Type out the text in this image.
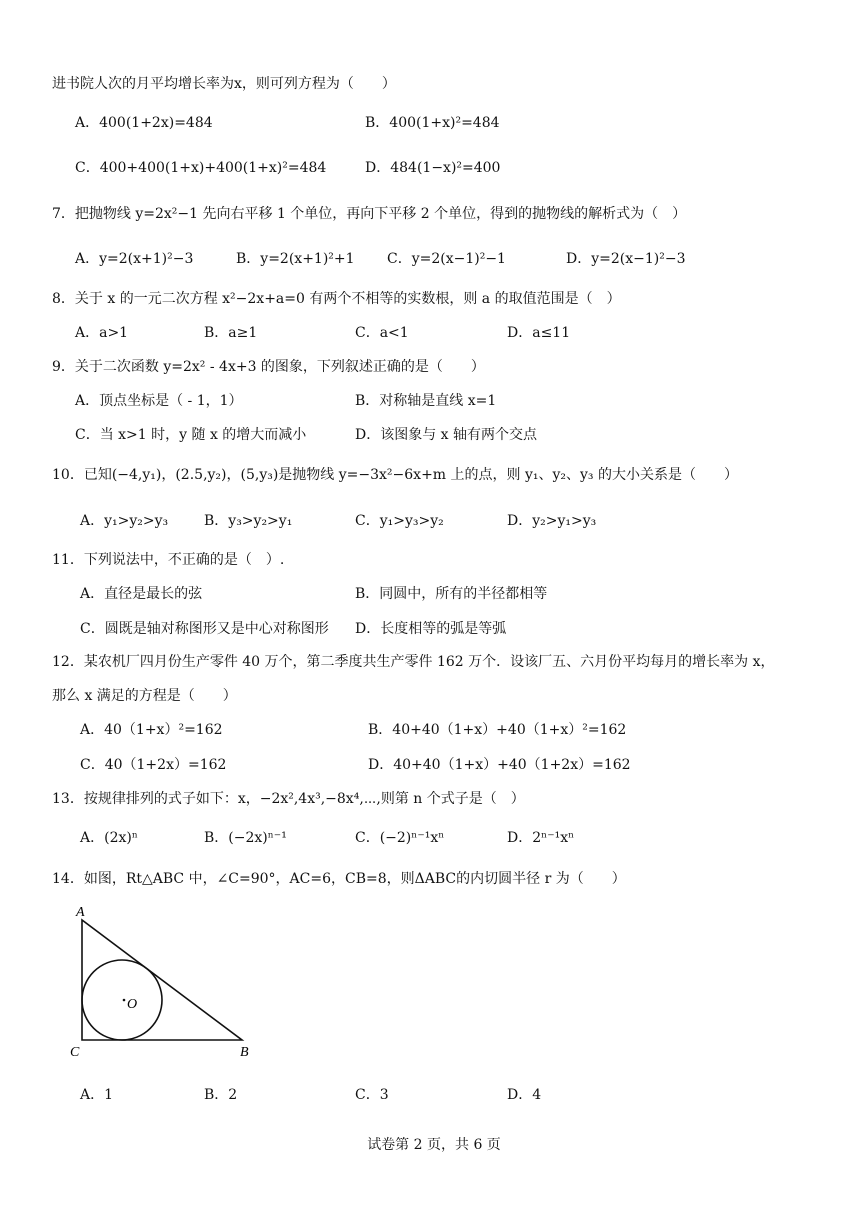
进书院人次的月平均增长率为x，则可列方程为（　　）
A．400(1+2x)=484	B．400(1+x)²=484
C．400+400(1+x)+400(1+x)²=484	D．484(1−x)²=400
7．把抛物线 y=2x²−1 先向右平移 1 个单位，再向下平移 2 个单位，得到的抛物线的解析式为（　）
A．y=2(x+1)²−3	B．y=2(x+1)²+1 C．y=2(x−1)²−1	D．y=2(x−1)²−3
8．关于 x 的一元二次方程 x²−2x+a=0 有两个不相等的实数根，则 a 的取值范围是（　）
A．a>1	B．a≥1	C．a<1	D．a≤11
9．关于二次函数 y=2x² - 4x+3 的图象，下列叙述正确的是（　　）
A．顶点坐标是（ - 1，1）	B．对称轴是直线 x=1
C．当 x>1 时，y 随 x 的增大而减小	D．该图象与 x 轴有两个交点
10．已知(−4,y₁)，(2.5,y₂)，(5,y₃)是抛物线 y=−3x²−6x+m 上的点，则 y₁、y₂、y₃ 的大小关系是（　　）
A．y₁>y₂>y₃	B．y₃>y₂>y₁	C．y₁>y₃>y₂	D．y₂>y₁>y₃
11．下列说法中，不正确的是（　）.
A．直径是最长的弦	B．同圆中，所有的半径都相等
C．圆既是轴对称图形又是中心对称图形 D．长度相等的弧是等弧
12．某农机厂四月份生产零件 40 万个，第二季度共生产零件 162 万个．设该厂五、六月份平均每月的增长率为 x，
那么 x 满足的方程是（　　）
A．40（1+x）²=162	B．40+40（1+x）+40（1+x）²=162
C．40（1+2x）=162	D．40+40（1+x）+40（1+2x）=162
13．按规律排列的式子如下：x，−2x²,4x³,−8x⁴,⋯,则第 n 个式子是（　）
A．(2x)ⁿ	B．(−2x)ⁿ⁻¹	C．(−2)ⁿ⁻¹xⁿ	D．2ⁿ⁻¹xⁿ
14．如图，Rt△ABC 中，∠C=90°，AC=6，CB=8，则ΔABC的内切圆半径 r 为（　　）
A
B
C
O
A．1	B．2	C．3	D．4
试卷第 2 页，共 6 页
